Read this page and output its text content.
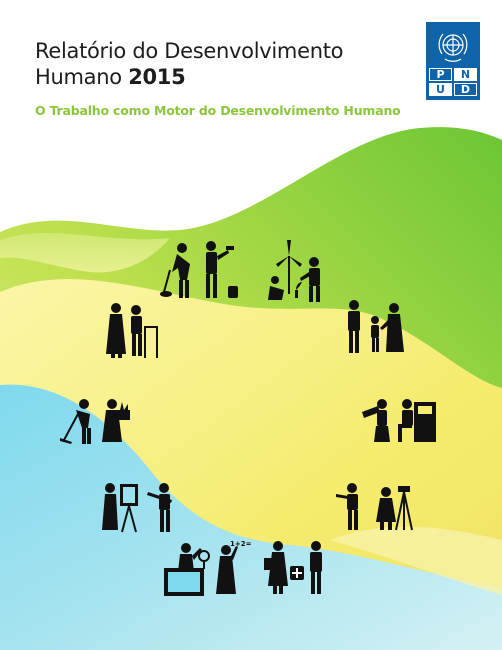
Relatório do Desenvolvimento
Humano 2015

O Trabalho como Motor do Desenvolvimento Humano

P	N
U	D
1+2=
